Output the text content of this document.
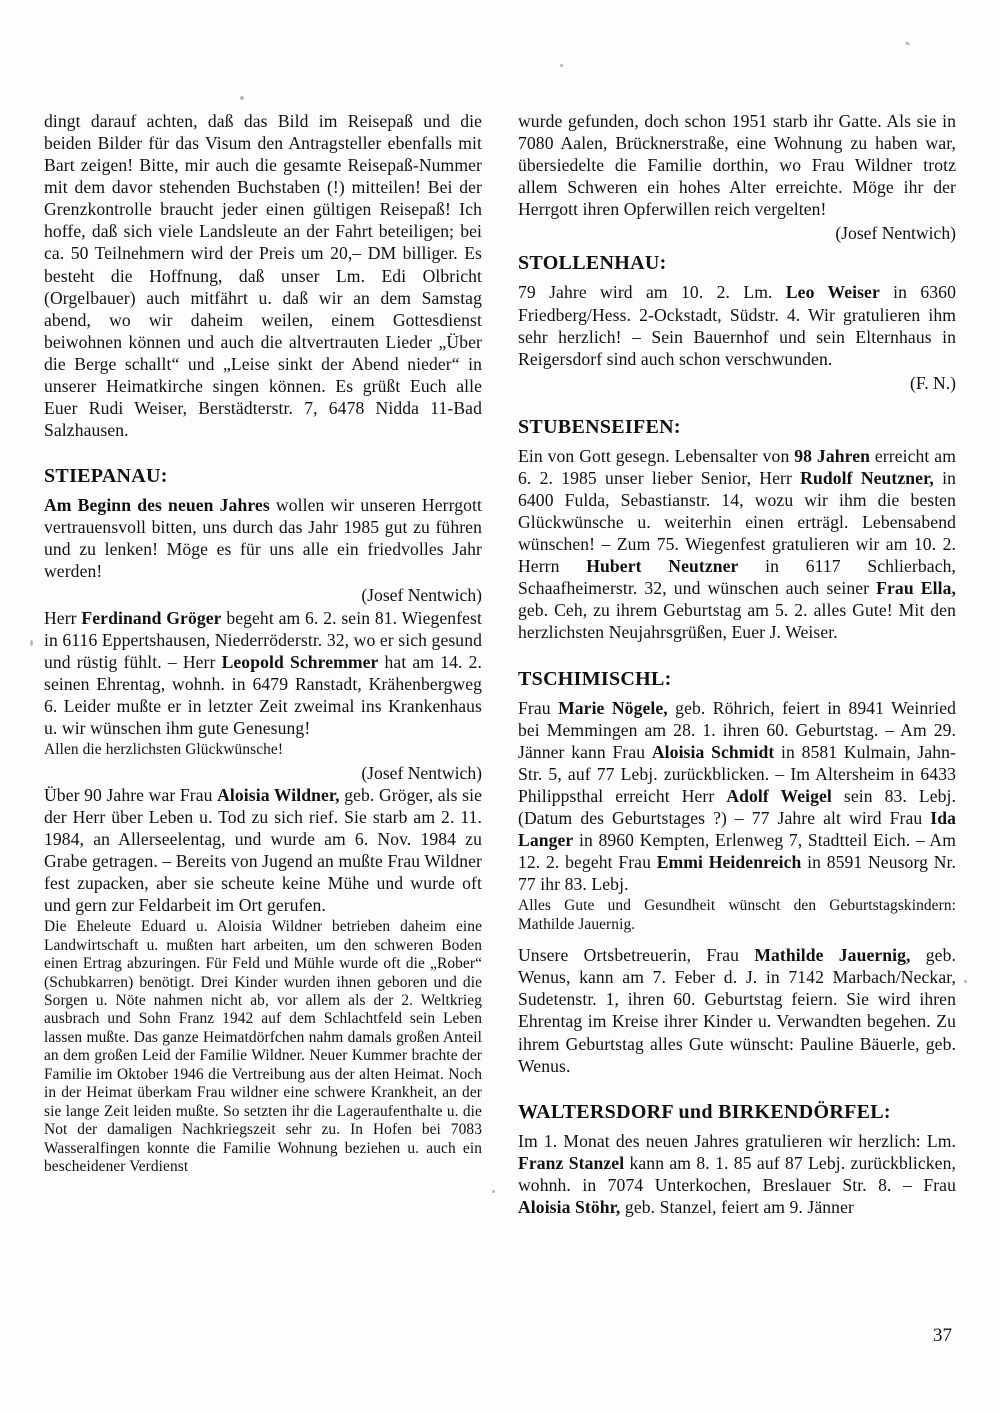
dingt darauf achten, daß das Bild im Reisepaß und die beiden Bilder für das Visum den Antragsteller ebenfalls mit Bart zeigen! Bitte, mir auch die gesamte Reisepaß-Nummer mit dem davor stehenden Buchstaben (!) mitteilen! Bei der Grenzkontrolle braucht jeder einen gültigen Reisepaß! Ich hoffe, daß sich viele Landsleute an der Fahrt beteiligen; bei ca. 50 Teilnehmern wird der Preis um 20,– DM billiger. Es besteht die Hoffnung, daß unser Lm. Edi Olbricht (Orgelbauer) auch mitfährt u. daß wir an dem Samstag abend, wo wir daheim weilen, einem Gottesdienst beiwohnen können und auch die altvertrauten Lieder „Über die Berge schallt“ und „Leise sinkt der Abend nieder“ in unserer Heimatkirche singen können. Es grüßt Euch alle Euer Rudi Weiser, Berstädterstr. 7, 6478 Nidda 11-Bad Salzhausen.

STIEPANAU:

Am Beginn des neuen Jahres wollen wir unseren Herrgott vertrauensvoll bitten, uns durch das Jahr 1985 gut zu führen und zu lenken! Möge es für uns alle ein friedvolles Jahr werden!

(Josef Nentwich)

Herr Ferdinand Gröger begeht am 6. 2. sein 81. Wiegenfest in 6116 Eppertshausen, Niederröderstr. 32, wo er sich gesund und rüstig fühlt. – Herr Leopold Schremmer hat am 14. 2. seinen Ehrentag, wohnh. in 6479 Ranstadt, Krähenbergweg 6. Leider mußte er in letzter Zeit zweimal ins Krankenhaus u. wir wünschen ihm gute Genesung!

Allen die herzlichsten Glückwünsche!

(Josef Nentwich)

Über 90 Jahre war Frau Aloisia Wildner, geb. Gröger, als sie der Herr über Leben u. Tod zu sich rief. Sie starb am 2. 11. 1984, an Allerseelentag, und wurde am 6. Nov. 1984 zu Grabe getragen. – Bereits von Jugend an mußte Frau Wildner fest zupacken, aber sie scheute keine Mühe und wurde oft und gern zur Feldarbeit im Ort gerufen.

Die Eheleute Eduard u. Aloisia Wildner betrieben daheim eine Landwirtschaft u. mußten hart arbeiten, um den schweren Boden einen Ertrag abzuringen. Für Feld und Mühle wurde oft die „Rober“ (Schubkarren) benötigt. Drei Kinder wurden ihnen geboren und die Sorgen u. Nöte nahmen nicht ab, vor allem als der 2. Weltkrieg ausbrach und Sohn Franz 1942 auf dem Schlachtfeld sein Leben lassen mußte. Das ganze Heimatdörfchen nahm damals großen Anteil an dem großen Leid der Familie Wildner. Neuer Kummer brachte der Familie im Oktober 1946 die Vertreibung aus der alten Heimat. Noch in der Heimat überkam Frau wildner eine schwere Krankheit, an der sie lange Zeit leiden mußte. So setzten ihr die Lageraufenthalte u. die Not der damaligen Nachkriegszeit sehr zu. In Hofen bei 7083 Wasseralfingen konnte die Familie Wohnung beziehen u. auch ein bescheidener Verdienst

wurde gefunden, doch schon 1951 starb ihr Gatte. Als sie in 7080 Aalen, Brücknerstraße, eine Wohnung zu haben war, übersiedelte die Familie dorthin, wo Frau Wildner trotz allem Schweren ein hohes Alter erreichte. Möge ihr der Herrgott ihren Opferwillen reich vergelten!

(Josef Nentwich)

STOLLENHAU:

79 Jahre wird am 10. 2. Lm. Leo Weiser in 6360 Friedberg/Hess. 2-Ockstadt, Südstr. 4. Wir gratulieren ihm sehr herzlich! – Sein Bauernhof und sein Elternhaus in Reigersdorf sind auch schon verschwunden.

(F. N.)

STUBENSEIFEN:

Ein von Gott gesegn. Lebensalter von 98 Jahren erreicht am 6. 2. 1985 unser lieber Senior, Herr Rudolf Neutzner, in 6400 Fulda, Sebastianstr. 14, wozu wir ihm die besten Glückwünsche u. weiterhin einen erträgl. Lebensabend wünschen! – Zum 75. Wiegenfest gratulieren wir am 10. 2. Herrn Hubert Neutzner in 6117 Schlierbach, Schaafheimerstr. 32, und wünschen auch seiner Frau Ella, geb. Ceh, zu ihrem Geburtstag am 5. 2. alles Gute! Mit den herzlichsten Neujahrsgrüßen, Euer J. Weiser.

TSCHIMISCHL:

Frau Marie Nögele, geb. Röhrich, feiert in 8941 Weinried bei Memmingen am 28. 1. ihren 60. Geburtstag. – Am 29. Jänner kann Frau Aloisia Schmidt in 8581 Kulmain, Jahn-Str. 5, auf 77 Lebj. zurückblicken. – Im Altersheim in 6433 Philippsthal erreicht Herr Adolf Weigel sein 83. Lebj. (Datum des Geburtstages ?) – 77 Jahre alt wird Frau Ida Langer in 8960 Kempten, Erlenweg 7, Stadtteil Eich. – Am 12. 2. begeht Frau Emmi Heidenreich in 8591 Neusorg Nr. 77 ihr 83. Lebj.

Alles Gute und Gesundheit wünscht den Geburtstagskindern: Mathilde Jauernig.

Unsere Ortsbetreuerin, Frau Mathilde Jauernig, geb. Wenus, kann am 7. Feber d. J. in 7142 Marbach/Neckar, Sudetenstr. 1, ihren 60. Geburtstag feiern. Sie wird ihren Ehrentag im Kreise ihrer Kinder u. Verwandten begehen. Zu ihrem Geburtstag alles Gute wünscht: Pauline Bäuerle, geb. Wenus.

WALTERSDORF und BIRKENDÖRFEL:

Im 1. Monat des neuen Jahres gratulieren wir herzlich: Lm. Franz Stanzel kann am 8. 1. 85 auf 87 Lebj. zurückblicken, wohnh. in 7074 Unterkochen, Breslauer Str. 8. – Frau Aloisia Stöhr, geb. Stanzel, feiert am 9. Jänner

37
